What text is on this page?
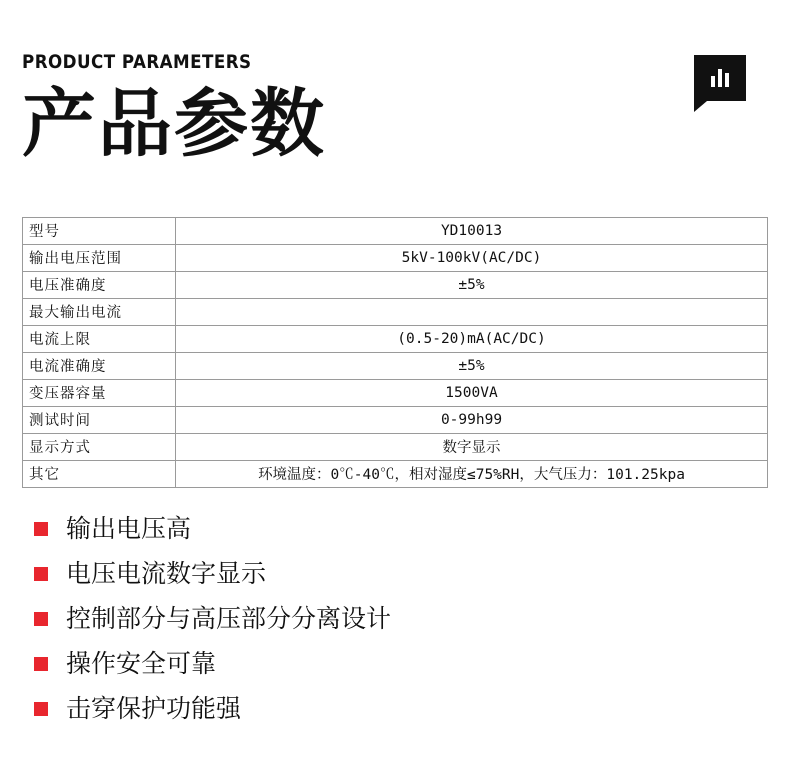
PRODUCT PARAMETERS
产品参数
型号	YD10013
输出电压范围	5kV-100kV(AC/DC)
电压准确度	±5%
最大输出电流	
电流上限	(0.5-20)mA(AC/DC)
电流准确度	±5%
变压器容量	1500VA
测试时间	0-99h99
显示方式	数字显示
其它	环境温度：0℃-40℃，相对湿度≤75%RH，大气压力：101.25kpa
输出电压高
电压电流数字显示
控制部分与高压部分分离设计
操作安全可靠
击穿保护功能强
